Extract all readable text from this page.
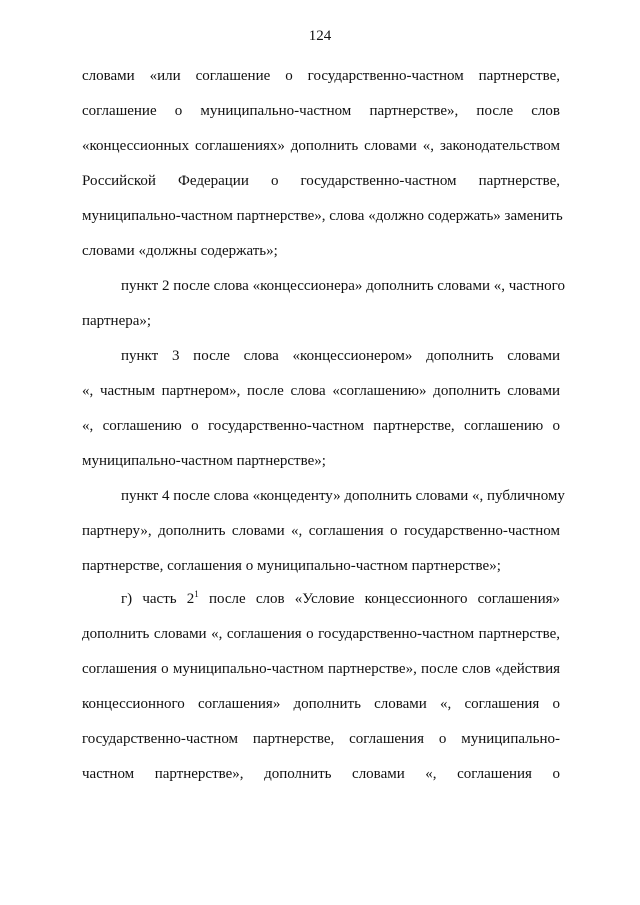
124
словами «или соглашение о государственно-частном партнерстве,
соглашение о муниципально-частном партнерстве», после слов
«концессионных соглашениях» дополнить словами «, законодательством
Российской Федерации о государственно-частном партнерстве,
муниципально-частном партнерстве», слова «должно содержать» заменить
словами «должны содержать»;
пункт 2 после слова «концессионера» дополнить словами «, частного
партнера»;
пункт 3 после слова «концессионером» дополнить словами
«, частным партнером», после слова «соглашению» дополнить словами
«, соглашению о государственно-частном партнерстве, соглашению о
муниципально-частном партнерстве»;
пункт 4 после слова «концеденту» дополнить словами «, публичному
партнеру», дополнить словами «, соглашения о государственно-частном
партнерстве, соглашения о муниципально-частном партнерстве»;
г) часть $2^1$ после слов «Условие концессионного соглашения»
дополнить словами «, соглашения о государственно-частном партнерстве,
соглашения о муниципально-частном партнерстве», после слов «действия
концессионного соглашения» дополнить словами «, соглашения о
государственно-частном партнерстве, соглашения о муниципально-
частном партнерстве», дополнить словами «, соглашения о
